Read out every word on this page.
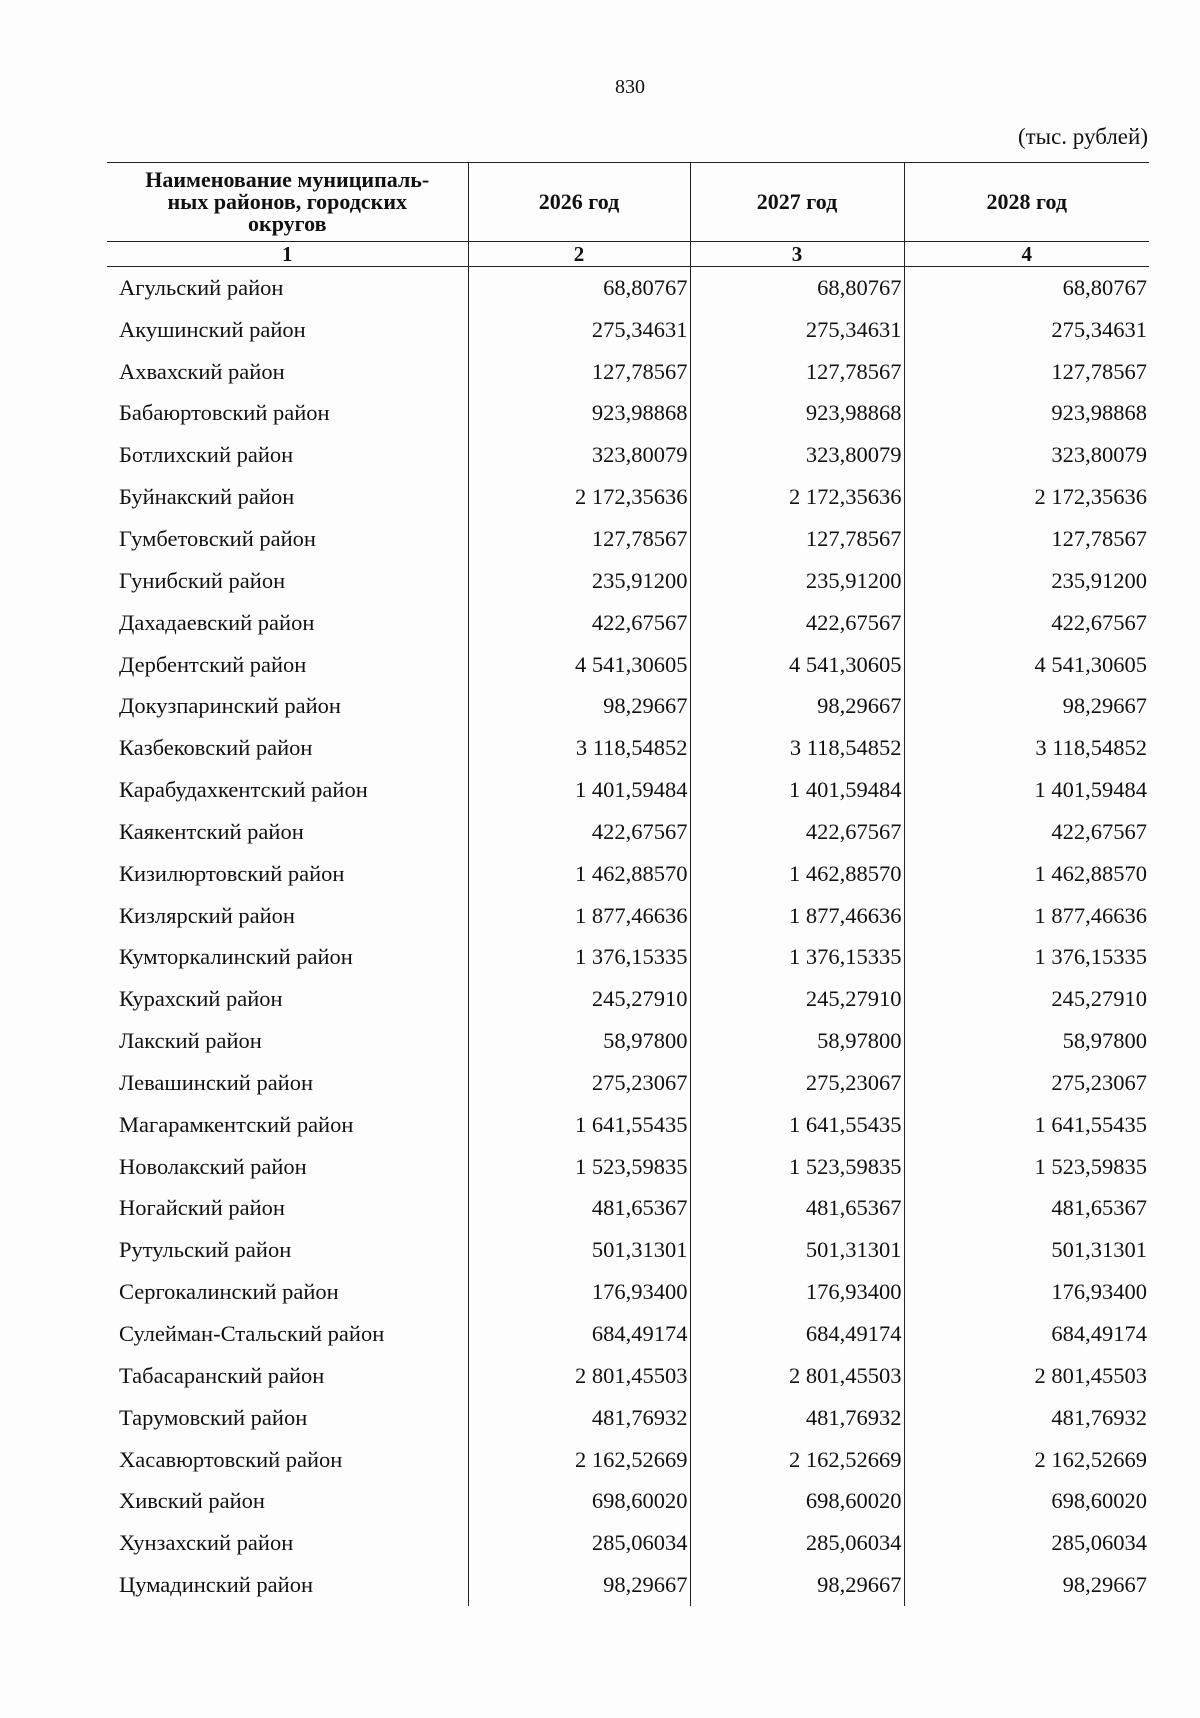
830
(тыс. рублей)
Наименование муниципаль-
ных районов, городских
округов	2026 год	2027 год	2028 год
1	2	3	4
Агульский район	68,80767	68,80767	68,80767
Акушинский район	275,34631	275,34631	275,34631
Ахвахский район	127,78567	127,78567	127,78567
Бабаюртовский район	923,98868	923,98868	923,98868
Ботлихский район	323,80079	323,80079	323,80079
Буйнакский район	2 172,35636	2 172,35636	2 172,35636
Гумбетовский район	127,78567	127,78567	127,78567
Гунибский район	235,91200	235,91200	235,91200
Дахадаевский район	422,67567	422,67567	422,67567
Дербентский район	4 541,30605	4 541,30605	4 541,30605
Докузпаринский район	98,29667	98,29667	98,29667
Казбековский район	3 118,54852	3 118,54852	3 118,54852
Карабудахкентский район	1 401,59484	1 401,59484	1 401,59484
Каякентский район	422,67567	422,67567	422,67567
Кизилюртовский район	1 462,88570	1 462,88570	1 462,88570
Кизлярский район	1 877,46636	1 877,46636	1 877,46636
Кумторкалинский район	1 376,15335	1 376,15335	1 376,15335
Курахский район	245,27910	245,27910	245,27910
Лакский район	58,97800	58,97800	58,97800
Левашинский район	275,23067	275,23067	275,23067
Магарамкентский район	1 641,55435	1 641,55435	1 641,55435
Новолакский район	1 523,59835	1 523,59835	1 523,59835
Ногайский район	481,65367	481,65367	481,65367
Рутульский район	501,31301	501,31301	501,31301
Сергокалинский район	176,93400	176,93400	176,93400
Сулейман-Стальский район	684,49174	684,49174	684,49174
Табасаранский район	2 801,45503	2 801,45503	2 801,45503
Тарумовский район	481,76932	481,76932	481,76932
Хасавюртовский район	2 162,52669	2 162,52669	2 162,52669
Хивский район	698,60020	698,60020	698,60020
Хунзахский район	285,06034	285,06034	285,06034
Цумадинский район	98,29667	98,29667	98,29667
